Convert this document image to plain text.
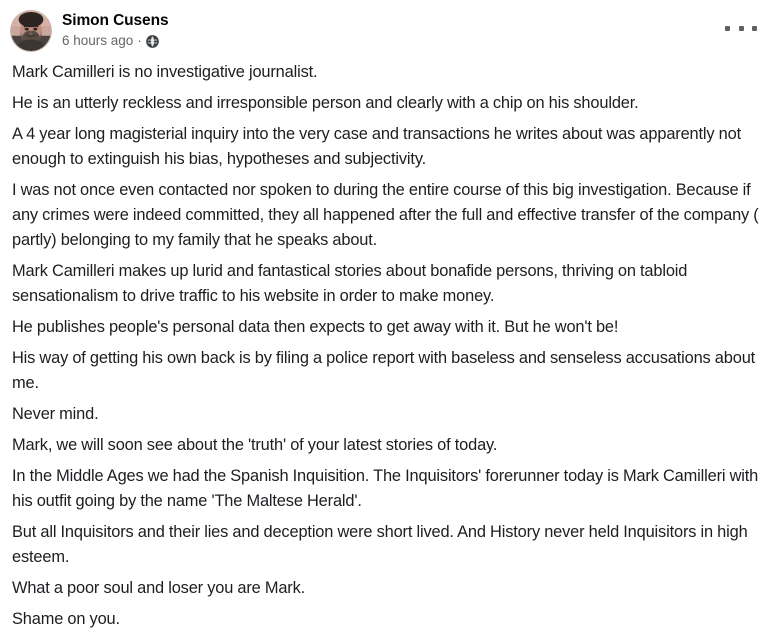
Simon Cusens
6 hours ago ·

Mark Camilleri is no investigative journalist.

He is an utterly reckless and irresponsible person and clearly with a chip on his shoulder.

A 4 year long magisterial inquiry into the very case and transactions he writes about was apparently not enough to extinguish his bias, hypotheses and subjectivity.

I was not once even contacted nor spoken to during the entire course of this big investigation. Because if any crimes were indeed committed, they all happened after the full and effective transfer of the company ( partly) belonging to my family that he speaks about.

Mark Camilleri makes up lurid and fantastical stories about bonafide persons, thriving on tabloid sensationalism to drive traffic to his website in order to make money.

He publishes people's personal data then expects to get away with it. But he won't be!

His way of getting his own back is by filing a police report with baseless and senseless accusations about me.

Never mind.

Mark, we will soon see about the 'truth' of your latest stories of today.

In the Middle Ages we had the Spanish Inquisition. The Inquisitors' forerunner today is Mark Camilleri with his outfit going by the name 'The Maltese Herald'.

But all Inquisitors and their lies and deception were short lived. And History never held Inquisitors in high esteem.

What a poor soul and loser you are Mark.

Shame on you.
